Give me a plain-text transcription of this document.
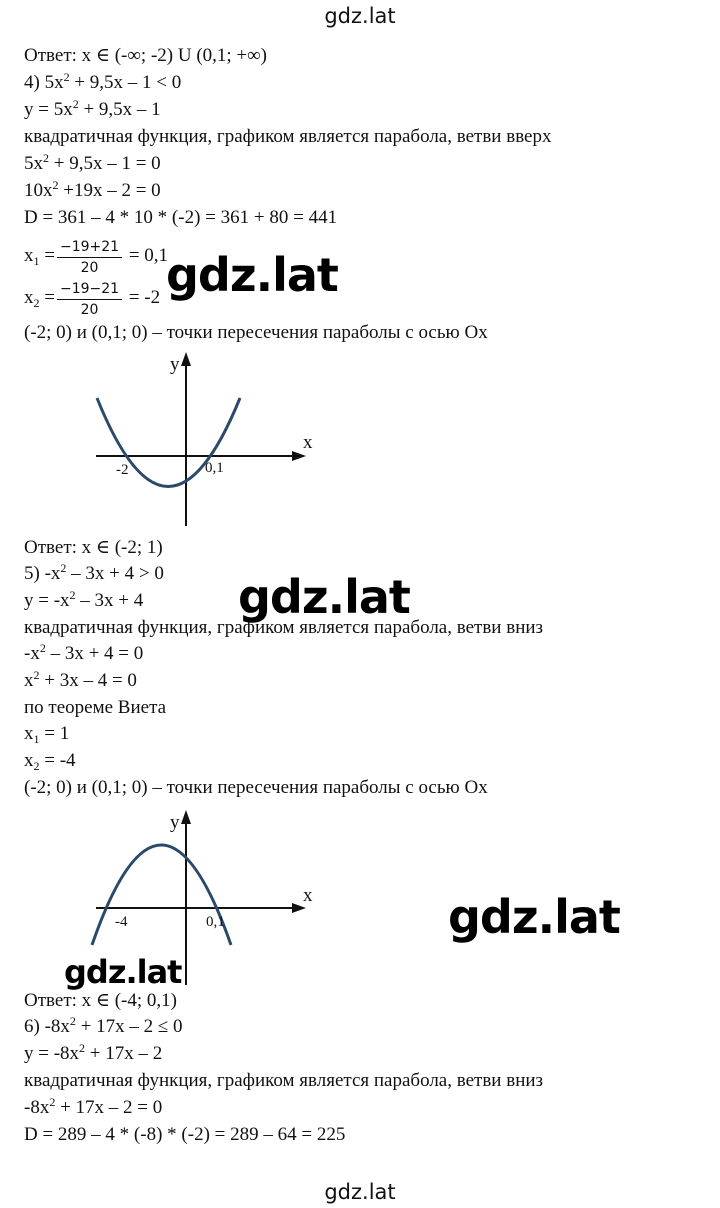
gdz.lat
Ответ: x ∈ (-∞; -2) U (0,1; +∞)
4) $5x^2 + 9,5x - 1 < 0$
$y = 5x^2 + 9,5x - 1$
квадратичная функция, графиком является парабола, ветви вверх
$5x^2 + 9,5x - 1 = 0$
$10x^2 +19x - 2 = 0$
D = 361 – 4 * 10 * (-2) = 361 + 80 = 441
$x_1 = \frac{-19+21}{20} = 0,1$
$x_2 = \frac{-19-21}{20} = -2$
(-2; 0) и (0,1; 0) – точки пересечения параболы с осью Ox
y
x
-2	0,1
Ответ: x ∈ (-2; 1)
5) $-x^2 - 3x + 4 > 0$
$y = -x^2 - 3x + 4$
квадратичная функция, графиком является парабола, ветви вниз
$-x^2 - 3x + 4 = 0$
$x^2 + 3x - 4 = 0$
по теореме Виета
$x_1 = 1$
$x_2 = -4$
(-2; 0) и (0,1; 0) – точки пересечения параболы с осью Ox
y
x
-4	0,1
Ответ: x ∈ (-4; 0,1)
6) $-8x^2 + 17x - 2 \le 0$
$y = -8x^2 + 17x - 2$
квадратичная функция, графиком является парабола, ветви вниз
$-8x^2 + 17x - 2 = 0$
D = 289 – 4 * (-8) * (-2) = 289 – 64 = 225
gdz.lat
gdz.lat
gdz.lat
gdz.lat
gdz.lat
